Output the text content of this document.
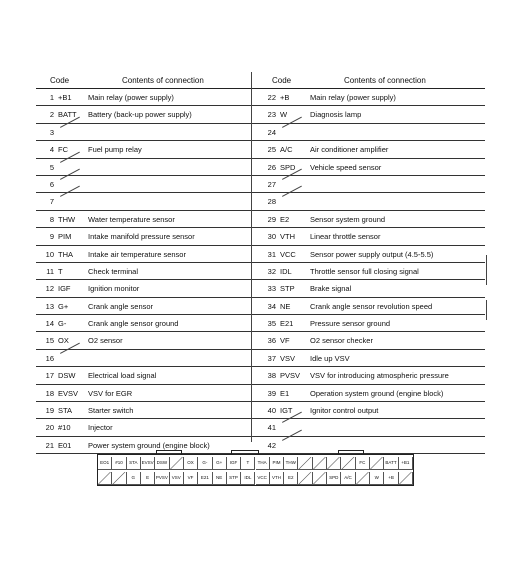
Code	Contents of connection
1 +B1 Main relay (power supply)
2 BATT Battery (back-up power supply)
3
4 FC	Fuel pump relay
5
6
7
8 THW Water temperature sensor
9 PIM Intake manifold pressure sensor
10 THA Intake air temperature sensor
11 T	Check terminal
12 IGF Ignition monitor
13 G+	Crank angle sensor
14 G-	Crank angle sensor ground
15 OX	O2 sensor
16
17 DSW Electrical load signal
18 EVSV VSV for EGR
19 STA Starter switch
20 #10 Injector
21 E01 Power system ground (engine block)
Code	Contents of connection
22 +B	Main relay (power supply)
23 W	Diagnosis lamp
24
25 A/C Air conditioner amplifier
26 SPD Vehicle speed sensor
27
28
29 E2	Sensor system ground
30 VTH Linear throttle sensor
31 VCC Sensor power supply output (4.5-5.5)
32 IDL Throttle sensor full closing signal
33 STP Brake signal
34 NE	Crank angle sensor revolution speed
35 E21 Pressure sensor ground
36 VF	O2 sensor checker
37 VSV Idle up VSV
38 PVSV VSV for introducing atmospheric pressure
39 E1	Operation system ground (engine block)
40 IGT Ignitor control output
41
42
EO1	#10	STA EVSV DSW	OX	G-	G+	IGF	T	THA	PIM	THW	FC	BATT	+B1
G	E	PVSV VSV	VF	E21	NE	STP	IDL	VCC	VTH	E2	SPD	A/C	W	+B
